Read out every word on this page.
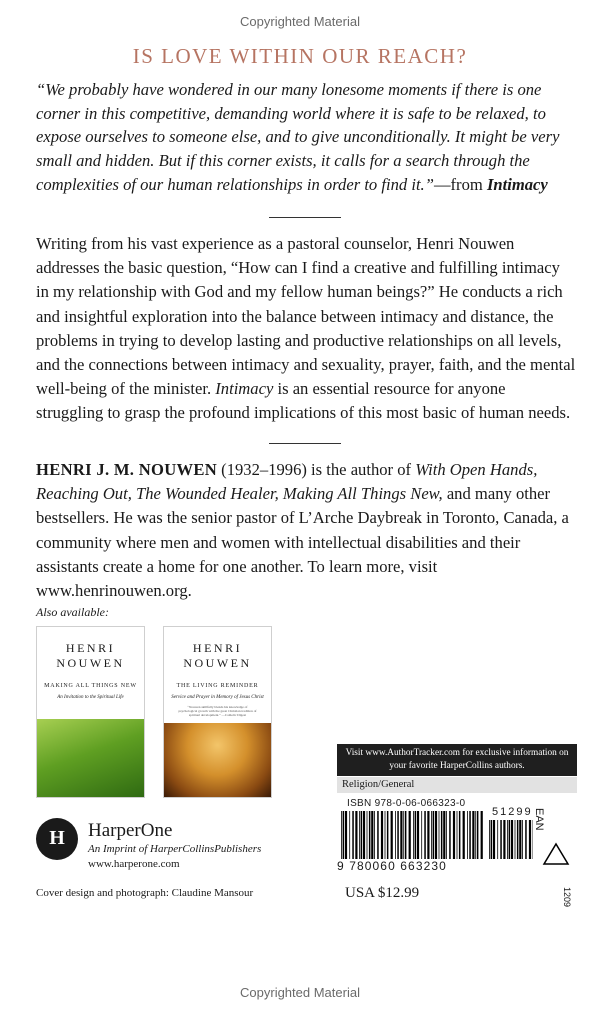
Copyrighted Material
IS LOVE WITHIN OUR REACH?
“We probably have wondered in our many lonesome moments if there is one corner in this competitive, demanding world where it is safe to be relaxed, to expose ourselves to someone else, and to give unconditionally. It might be very small and hidden. But if this corner exists, it calls for a search through the complexities of our human relationships in order to find it.”—from Intimacy
Writing from his vast experience as a pastoral counselor, Henri Nouwen addresses the basic question, “How can I find a creative and fulfilling intimacy in my relationship with God and my fellow human beings?” He conducts a rich and insightful exploration into the balance between intimacy and distance, the problems in trying to develop lasting and productive relationships on all levels, and the connections between intimacy and sexuality, prayer, faith, and the mental well-being of the minister. Intimacy is an essential resource for anyone struggling to grasp the profound implications of this most basic of human needs.
HENRI J. M. NOUWEN (1932–1996) is the author of With Open Hands, Reaching Out, The Wounded Healer, Making All Things New, and many other bestsellers. He was the senior pastor of L’Arche Daybreak in Toronto, Canada, a community where men and women with intellectual disabilities and their assistants create a home for one another. To learn more, visit www.henrinouwen.org.
Also available:
HENRI
NOUWEN
MAKING ALL THINGS NEW
An Invitation to the Spiritual Life
HENRI
NOUWEN
THE LIVING REMINDER
Service and Prayer in Memory of Jesus Christ
“Nouwen skillfully blends his knowledge of psychological growth with the great Christian tradition of spiritual development.” —Catholic Digest
H	HarperOne
An Imprint of HarperCollinsPublishers
www.harperone.com
Cover design and photograph: Claudine Mansour
Visit www.AuthorTracker.com for exclusive information on your favorite HarperCollins authors.
Religion/General
ISBN 978-0-06-066323-0
9 780060 663230
51299 EAN
USA $12.99	1209
Copyrighted Material
